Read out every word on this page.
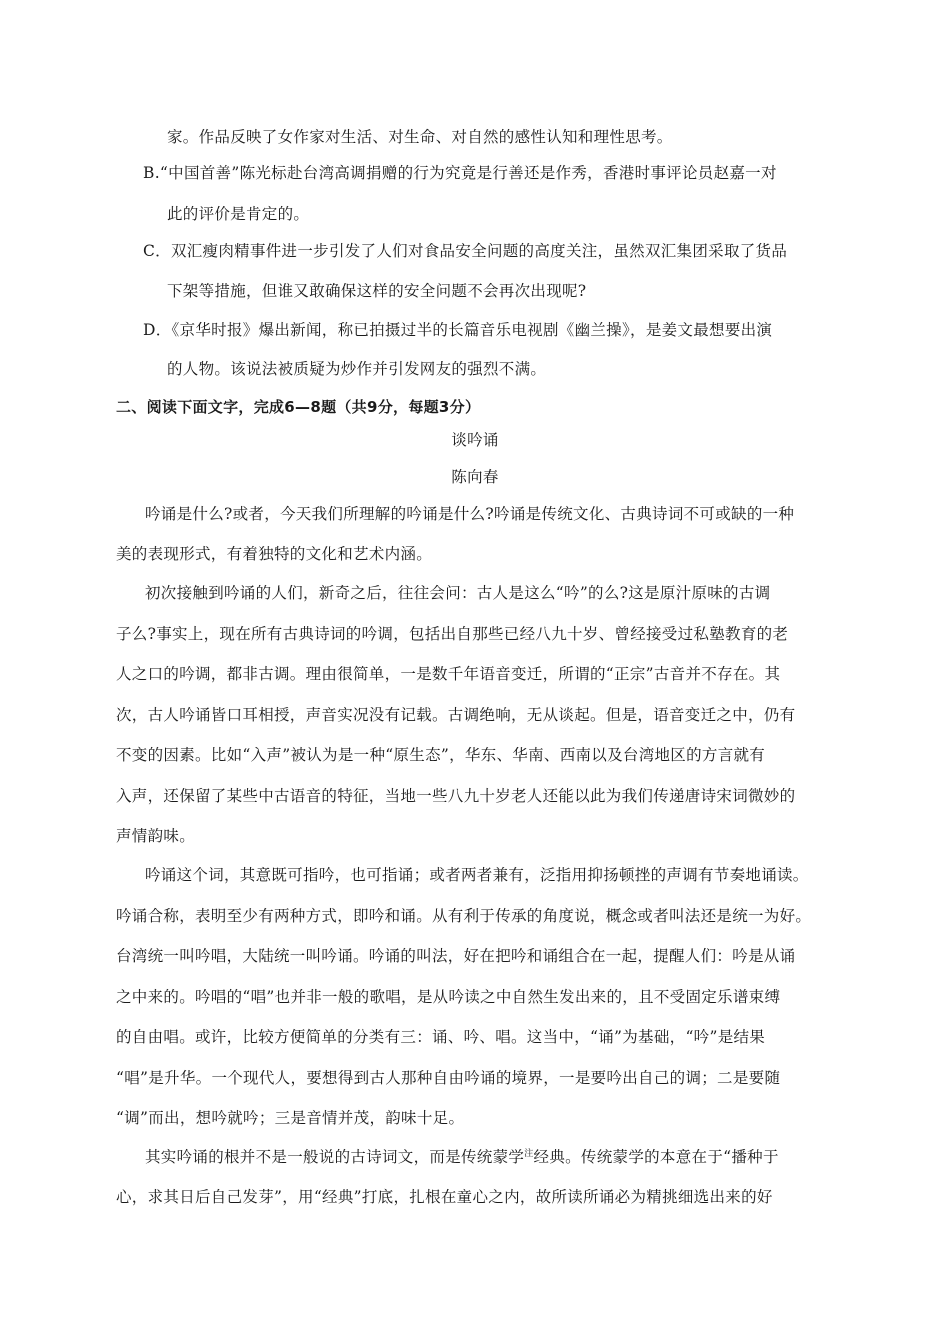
家。作品反映了女作家对生活、对生命、对自然的感性认知和理性思考。
B.“中国首善”陈光标赴台湾高调捐赠的行为究竟是行善还是作秀，香港时事评论员赵嘉一对
此的评价是肯定的。
C．双汇瘦肉精事件进一步引发了人们对食品安全问题的高度关注，虽然双汇集团采取了货品
下架等措施，但谁又敢确保这样的安全问题不会再次出现呢?
D．《京华时报》爆出新闻，称已拍摄过半的长篇音乐电视剧《幽兰操》，是姜文最想要出演
的人物。该说法被质疑为炒作并引发网友的强烈不满。
二、阅读下面文字，完成6—8题（共9分，每题3分）
谈吟诵
陈向春
吟诵是什么?或者，今天我们所理解的吟诵是什么?吟诵是传统文化、古典诗词不可或缺的一种
美的表现形式，有着独特的文化和艺术内涵。
初次接触到吟诵的人们，新奇之后，往往会问：古人是这么“吟”的么?这是原汁原味的古调
子么?事实上，现在所有古典诗词的吟调，包括出自那些已经八九十岁、曾经接受过私塾教育的老
人之口的吟调，都非古调。理由很简单，一是数千年语音变迁，所谓的“正宗”古音并不存在。其
次，古人吟诵皆口耳相授，声音实况没有记载。古调绝响，无从谈起。但是，语音变迁之中，仍有
不变的因素。比如“入声”被认为是一种“原生态”，华东、华南、西南以及台湾地区的方言就有
入声，还保留了某些中古语音的特征，当地一些八九十岁老人还能以此为我们传递唐诗宋词微妙的
声情韵味。
吟诵这个词，其意既可指吟，也可指诵；或者两者兼有，泛指用抑扬顿挫的声调有节奏地诵读。
吟诵合称，表明至少有两种方式，即吟和诵。从有利于传承的角度说，概念或者叫法还是统一为好。
台湾统一叫吟唱，大陆统一叫吟诵。吟诵的叫法，好在把吟和诵组合在一起，提醒人们：吟是从诵
之中来的。吟唱的“唱”也并非一般的歌唱，是从吟读之中自然生发出来的，且不受固定乐谱束缚
的自由唱。或许，比较方便简单的分类有三：诵、吟、唱。这当中，“诵”为基础，“吟”是结果
“唱”是升华。一个现代人，要想得到古人那种自由吟诵的境界，一是要吟出自己的调；二是要随
“调”而出，想吟就吟；三是音情并茂，韵味十足。
其实吟诵的根并不是一般说的古诗词文，而是传统蒙学$^注$经典。传统蒙学的本意在于“播种于
心，求其日后自己发芽”，用“经典”打底，扎根在童心之内，故所读所诵必为精挑细选出来的好
